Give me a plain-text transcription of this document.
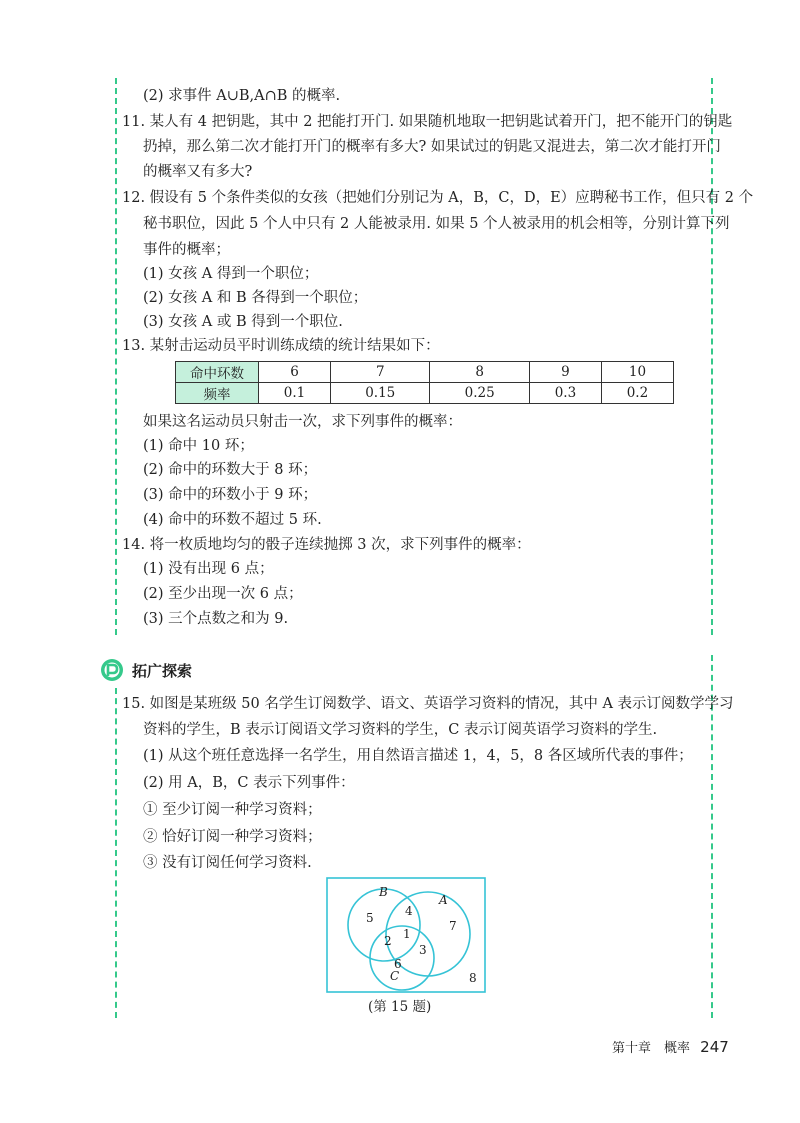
(2) 求事件 A∪B,A∩B 的概率.
11. 某人有 4 把钥匙，其中 2 把能打开门. 如果随机地取一把钥匙试着开门，把不能开门的钥匙
扔掉，那么第二次才能打开门的概率有多大? 如果试过的钥匙又混进去，第二次才能打开门
的概率又有多大?
12. 假设有 5 个条件类似的女孩（把她们分别记为 A，B，C，D，E）应聘秘书工作，但只有 2 个
秘书职位，因此 5 个人中只有 2 人能被录用. 如果 5 个人被录用的机会相等，分别计算下列
事件的概率；
(1) 女孩 A 得到一个职位；
(2) 女孩 A 和 B 各得到一个职位；
(3) 女孩 A 或 B 得到一个职位.
13. 某射击运动员平时训练成绩的统计结果如下：
命中环数	6	7	8	9	10
频率	0.1	0.15	0.25	0.3	0.2
如果这名运动员只射击一次，求下列事件的概率：
(1) 命中 10 环；
(2) 命中的环数大于 8 环；
(3) 命中的环数小于 9 环；
(4) 命中的环数不超过 5 环.
14. 将一枚质地均匀的骰子连续抛掷 3 次，求下列事件的概率：
(1) 没有出现 6 点；
(2) 至少出现一次 6 点；
(3) 三个点数之和为 9.
拓广探索
15. 如图是某班级 50 名学生订阅数学、语文、英语学习资料的情况，其中 A 表示订阅数学学习
资料的学生，B 表示订阅语文学习资料的学生，C 表示订阅英语学习资料的学生.
(1) 从这个班任意选择一名学生，用自然语言描述 1，4，5，8 各区域所代表的事件；
(2) 用 A，B，C 表示下列事件：
① 至少订阅一种学习资料；
② 恰好订阅一种学习资料；
③ 没有订阅任何学习资料.
B
A
C
1
2
3
4
5
6
7
8
(第 15 题)
第十章　概率 247
